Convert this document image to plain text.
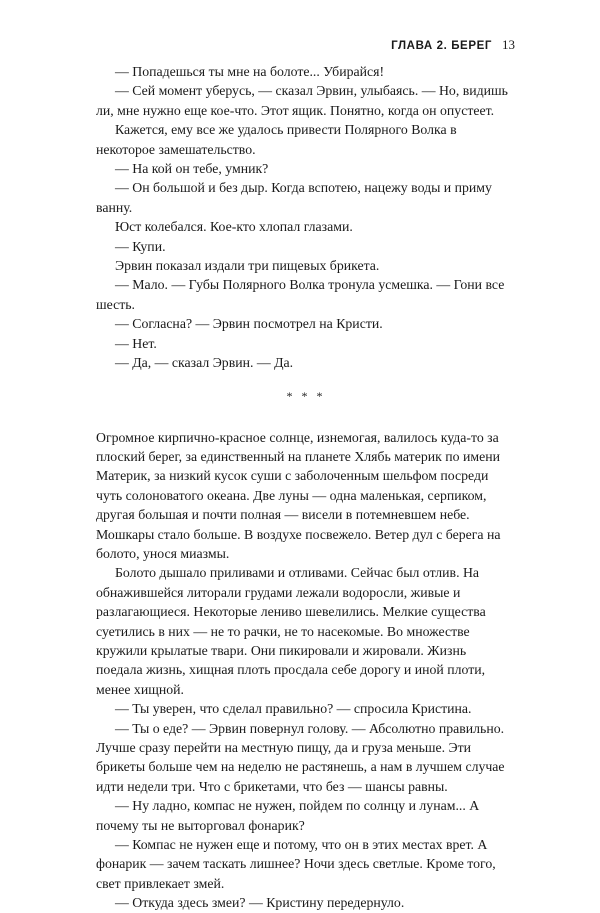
ГЛАВА 2. БЕРЕГ 13

— Попадешься ты мне на болоте... Убирайся!

— Сей момент уберусь, — сказал Эрвин, улыбаясь. — Но, видишь ли, мне нужно еще кое-что. Этот ящик. Понятно, когда он опустеет.

Кажется, ему все же удалось привести Полярного Волка в некоторое замешательство.

— На кой он тебе, умник?

— Он большой и без дыр. Когда вспотею, нацежу воды и приму ванну.

Юст колебался. Кое-кто хлопал глазами.

— Купи.

Эрвин показал издали три пищевых брикета.

— Мало. — Губы Полярного Волка тронула усмешка. — Гони все шесть.

— Согласна? — Эрвин посмотрел на Кристи.

— Нет.

— Да, — сказал Эрвин. — Да.

* * *

Огромное кирпично-красное солнце, изнемогая, валилось куда-то за плоский берег, за единственный на планете Хлябь материк по имени Материк, за низкий кусок суши с заболоченным шельфом посреди чуть солоноватого океана. Две луны — одна маленькая, серпиком, другая большая и почти полная — висели в потемневшем небе. Мошкары стало больше. В воздухе посвежело. Ветер дул с берега на болото, унося миазмы.

Болото дышало приливами и отливами. Сейчас был отлив. На обнажившейся литорали грудами лежали водоросли, живые и разлагающиеся. Некоторые лениво шевелились. Мелкие существа суетились в них — не то рачки, не то насекомые. Во множестве кружили крылатые твари. Они пикировали и жировали. Жизнь поедала жизнь, хищная плоть просдала себе дорогу и иной плоти, менее хищной.

— Ты уверен, что сделал правильно? — спросила Кристина.

— Ты о еде? — Эрвин повернул голову. — Абсолютно правильно. Лучше сразу перейти на местную пищу, да и груза меньше. Эти брикеты больше чем на неделю не растянешь, а нам в лучшем случае идти недели три. Что с брикетами, что без — шансы равны.

— Ну ладно, компас не нужен, пойдем по солнцу и лунам... А почему ты не выторговал фонарик?

— Компас не нужен еще и потому, что он в этих местах врет. А фонарик — зачем таскать лишнее? Ночи здесь светлые. Кроме того, свет привлекает змей.

— Откуда здесь змеи? — Кристину передернуло.
